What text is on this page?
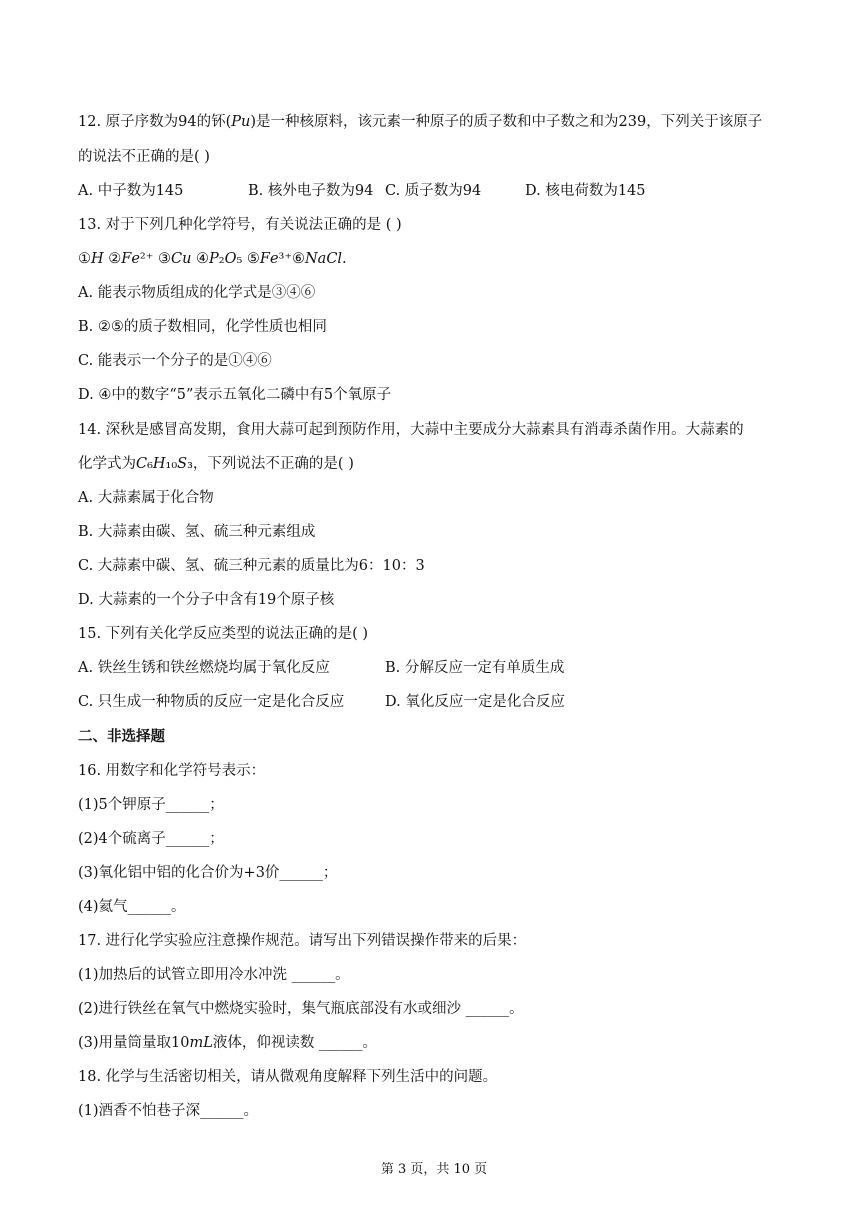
12. 原子序数为94的钚(𝑃𝑢)是一种核原料，该元素一种原子的质子数和中子数之和为239，下列关于该原子
的说法不正确的是( )
A. 中子数为145	B. 核外电子数为94 C. 质子数为94	D. 核电荷数为145
13. 对于下列几种化学符号，有关说法正确的是 ( )
①𝐻 ②𝐹𝑒²⁺ ③𝐶𝑢 ④𝑃₂𝑂₅ ⑤𝐹𝑒³⁺⑥𝑁𝑎𝐶𝑙.
A. 能表示物质组成的化学式是③④⑥
B. ②⑤的质子数相同，化学性质也相同
C. 能表示一个分子的是①④⑥
D. ④中的数字“5”表示五氧化二磷中有5个氧原子
14. 深秋是感冒高发期，食用大蒜可起到预防作用，大蒜中主要成分大蒜素具有消毒杀菌作用。大蒜素的
化学式为𝐶₆𝐻₁₀𝑆₃，下列说法不正确的是( )
A. 大蒜素属于化合物
B. 大蒜素由碳、氢、硫三种元素组成
C. 大蒜素中碳、氢、硫三种元素的质量比为6：10：3
D. 大蒜素的一个分子中含有19个原子核
15. 下列有关化学反应类型的说法正确的是( )
A. 铁丝生锈和铁丝燃烧均属于氧化反应	B. 分解反应一定有单质生成
C. 只生成一种物质的反应一定是化合反应	D. 氧化反应一定是化合反应
二、非选择题
16. 用数字和化学符号表示：
(1)5个钾原子______；
(2)4个硫离子______；
(3)氧化铝中铝的化合价为+3价______；
(4)氦气______。
17. 进行化学实验应注意操作规范。请写出下列错误操作带来的后果：
(1)加热后的试管立即用冷水冲洗 ______。
(2)进行铁丝在氧气中燃烧实验时，集气瓶底部没有水或细沙 ______。
(3)用量筒量取10𝑚𝐿液体，仰视读数 ______。
18. 化学与生活密切相关，请从微观角度解释下列生活中的问题。
(1)酒香不怕巷子深______。
第 3 页，共 10 页
